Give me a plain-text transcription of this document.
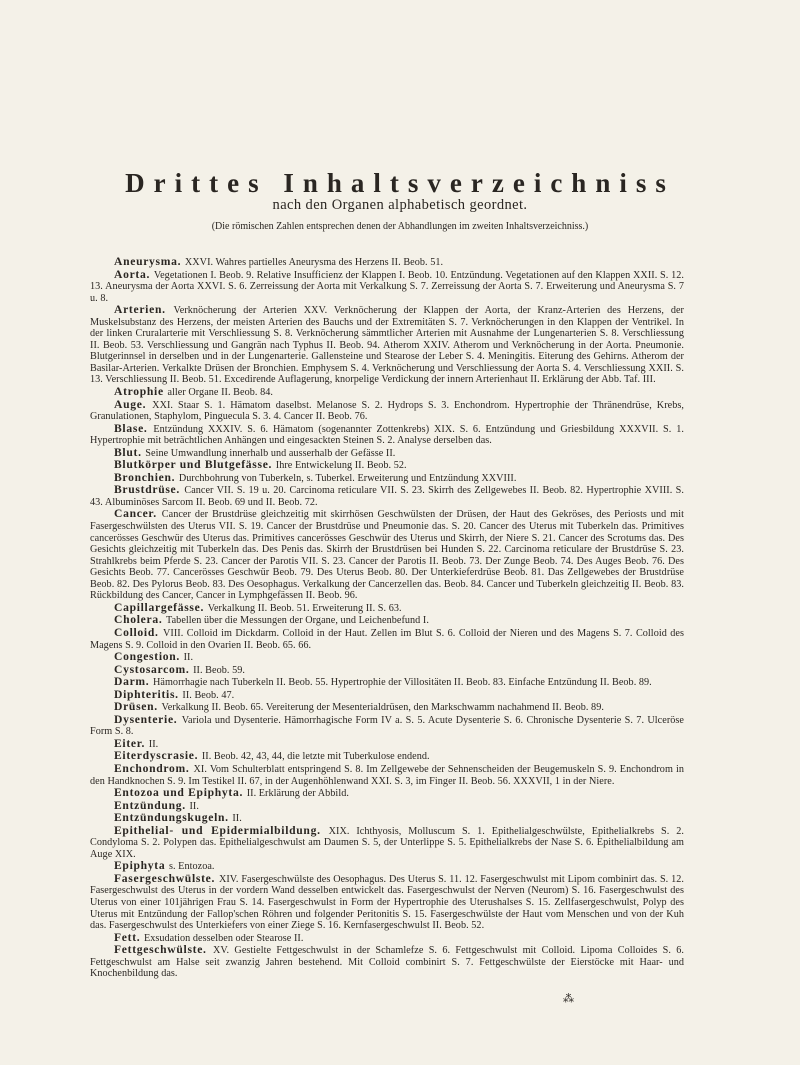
Drittes Inhaltsverzeichniss
nach den Organen alphabetisch geordnet.
(Die römischen Zahlen entsprechen denen der Abhandlungen im zweiten Inhaltsverzeichniss.)

Aneurysma. XXVI. Wahres partielles Aneurysma des Herzens II. Beob. 51.

Aorta. Vegetationen I. Beob. 9. Relative Insufficienz der Klappen I. Beob. 10. Entzündung. Vegetationen auf den Klappen XXII. S. 12. 13. Aneurysma der Aorta XXVI. S. 6. Zerreissung der Aorta mit Verkalkung S. 7. Zerreissung der Aorta S. 7. Erweiterung und Aneurysma S. 7 u. 8.

Arterien. Verknöcherung der Arterien XXV. Verknöcherung der Klappen der Aorta, der Kranz-Arterien des Herzens, der Muskelsubstanz des Herzens, der meisten Arterien des Bauchs und der Extremitäten S. 7. Verknöcherungen in den Klappen der Ventrikel. In der linken Cruralarterie mit Verschliessung S. 8. Verknöcherung sämmtlicher Arterien mit Ausnahme der Lungenarterien S. 8. Verschliessung II. Beob. 53. Verschliessung und Gangrän nach Typhus II. Beob. 94. Atherom XXIV. Atherom und Verknöcherung in der Aorta. Pneumonie. Blutgerinnsel in derselben und in der Lungenarterie. Gallensteine und Stearose der Leber S. 4. Meningitis. Eiterung des Gehirns. Atherom der Basilar-Arterien. Verkalkte Drüsen der Bronchien. Emphysem S. 4. Verknöcherung und Verschliessung der Aorta S. 4. Verschliessung XXII. S. 13. Verschliessung II. Beob. 51. Excedirende Auflagerung, knorpelige Verdickung der innern Arterienhaut II. Erklärung der Abb. Taf. III.

Atrophie aller Organe II. Beob. 84.

Auge. XXI. Staar S. 1. Hämatom daselbst. Melanose S. 2. Hydrops S. 3. Enchondrom. Hypertrophie der Thränendrüse, Krebs, Granulationen, Staphylom, Pinguecula S. 3. 4. Cancer II. Beob. 76.

Blase. Entzündung XXXIV. S. 6. Hämatom (sogenannter Zottenkrebs) XIX. S. 6. Entzündung und Griesbildung XXXVII. S. 1. Hypertrophie mit beträchtlichen Anhängen und eingesackten Steinen S. 2. Analyse derselben das.

Blut. Seine Umwandlung innerhalb und ausserhalb der Gefässe II.

Blutkörper und Blutgefässe. Ihre Entwickelung II. Beob. 52.

Bronchien. Durchbohrung von Tuberkeln, s. Tuberkel. Erweiterung und Entzündung XXVIII.

Brustdrüse. Cancer VII. S. 19 u. 20. Carcinoma reticulare VII. S. 23. Skirrh des Zellgewebes II. Beob. 82. Hypertrophie XVIII. S. 43. Albuminöses Sarcom II. Beob. 69 und II. Beob. 72.

Cancer. Cancer der Brustdrüse gleichzeitig mit skirrhösen Geschwülsten der Drüsen, der Haut des Gekröses, des Periosts und mit Fasergeschwülsten des Uterus VII. S. 19. Cancer der Brustdrüse und Pneumonie das. S. 20. Cancer des Uterus mit Tuberkeln das. Primitives cancerösses Geschwür des Uterus das. Primitives cancerösses Geschwür des Uterus und Skirrh, der Niere S. 21. Cancer des Scrotums das. Des Gesichts gleichzeitig mit Tuberkeln das. Des Penis das. Skirrh der Brustdrüsen bei Hunden S. 22. Carcinoma reticulare der Brustdrüse S. 23. Strahlkrebs beim Pferde S. 23. Cancer der Parotis VII. S. 23. Cancer der Parotis II. Beob. 73. Der Zunge Beob. 74. Des Auges Beob. 76. Des Gesichts Beob. 77. Cancerösses Geschwür Beob. 79. Des Uterus Beob. 80. Der Unterkieferdrüse Beob. 81. Das Zellgewebes der Brustdrüse Beob. 82. Des Pylorus Beob. 83. Des Oesophagus. Verkalkung der Cancerzellen das. Beob. 84. Cancer und Tuberkeln gleichzeitig II. Beob. 83. Rückbildung des Cancer, Cancer in Lymphgefässen II. Beob. 96.

Capillargefässe. Verkalkung II. Beob. 51. Erweiterung II. S. 63.

Cholera. Tabellen über die Messungen der Organe, und Leichenbefund I.

Colloid. VIII. Colloid im Dickdarm. Colloid in der Haut. Zellen im Blut S. 6. Colloid der Nieren und des Magens S. 7. Colloid des Magens S. 9. Colloid in den Ovarien II. Beob. 65. 66.

Congestion. II.

Cystosarcom. II. Beob. 59.

Darm. Hämorrhagie nach Tuberkeln II. Beob. 55. Hypertrophie der Villositäten II. Beob. 83. Einfache Entzündung II. Beob. 89.

Diphteritis. II. Beob. 47.

Drüsen. Verkalkung II. Beob. 65. Vereiterung der Mesenterialdrüsen, den Markschwamm nachahmend II. Beob. 89.

Dysenterie. Variola und Dysenterie. Hämorrhagische Form IV a. S. 5. Acute Dysenterie S. 6. Chronische Dysenterie S. 7. Ulceröse Form S. 8.

Eiter. II.

Eiterdyscrasie. II. Beob. 42, 43, 44, die letzte mit Tuberkulose endend.

Enchondrom. XI. Vom Schulterblatt entspringend S. 8. Im Zellgewebe der Sehnenscheiden der Beugemuskeln S. 9. Enchondrom in den Handknochen S. 9. Im Testikel II. 67, in der Augenhöhlenwand XXI. S. 3, im Finger II. Beob. 56. XXXVII, 1 in der Niere.

Entozoa und Epiphyta. II. Erklärung der Abbild.

Entzündung. II.

Entzündungskugeln. II.

Epithelial- und Epidermialbildung. XIX. Ichthyosis, Molluscum S. 1. Epithelialgeschwülste, Epithelialkrebs S. 2. Condyloma S. 2. Polypen das. Epithelialgeschwulst am Daumen S. 5, der Unterlippe S. 5. Epithelialkrebs der Nase S. 6. Epithelialbildung am Auge XIX.

Epiphyta s. Entozoa.

Fasergeschwülste. XIV. Fasergeschwülste des Oesophagus. Des Uterus S. 11. 12. Fasergeschwulst mit Lipom combinirt das. S. 12. Fasergeschwulst des Uterus in der vordern Wand desselben entwickelt das. Fasergeschwulst der Nerven (Neurom) S. 16. Fasergeschwulst des Uterus von einer 101jährigen Frau S. 14. Fasergeschwulst in Form der Hypertrophie des Uterushalses S. 15. Zellfasergeschwulst, Polyp des Uterus mit Entzündung der Fallop'schen Röhren und folgender Peritonitis S. 15. Fasergeschwülste der Haut vom Menschen und von der Kuh das. Fasergeschwulst des Unterkiefers von einer Ziege S. 16. Kernfasergeschwulst II. Beob. 52.

Fett. Exsudation desselben oder Stearose II.

Fettgeschwülste. XV. Gestielte Fettgeschwulst in der Schamlefze S. 6. Fettgeschwulst mit Colloid. Lipoma Colloides S. 6. Fettgeschwulst am Halse seit zwanzig Jahren bestehend. Mit Colloid combinirt S. 7. Fettgeschwülste der Eierstöcke mit Haar- und Knochenbildung das.

⁂
